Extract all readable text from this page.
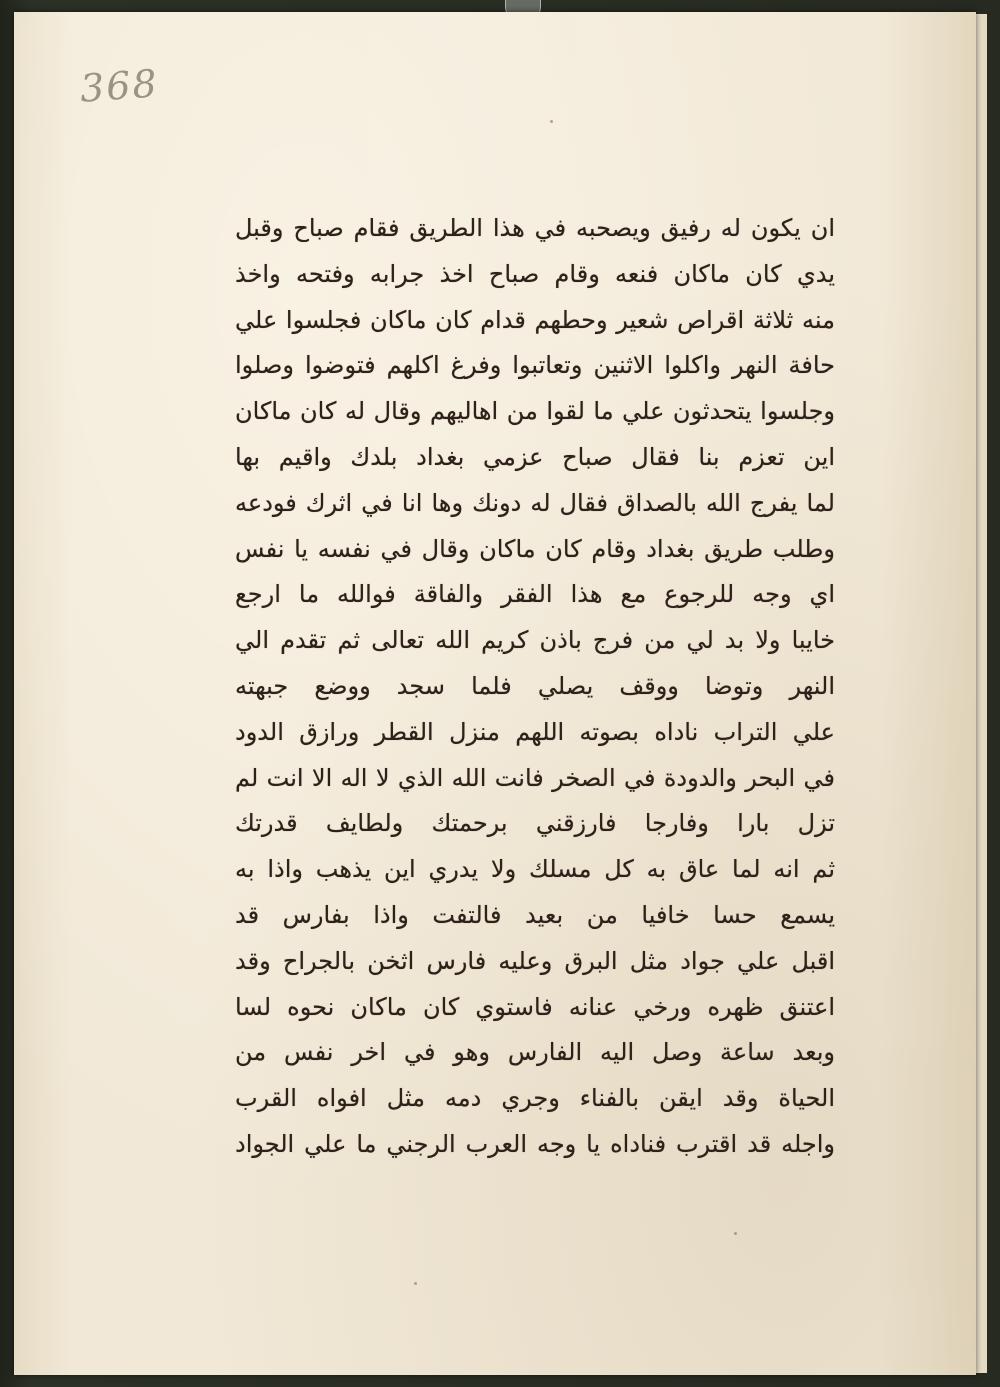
368
ان يكون له رفيق ويصحبه في هذا الطريق فقام صباح وقبل
يدي كان ماكان فنعه وقام صباح اخذ جرابه وفتحه واخذ
منه ثلاثة اقراص شعير وحطهم قدام كان ماكان فجلسوا علي
حافة النهر واكلوا الاثنين وتعاتبوا وفرغ اكلهم فتوضوا وصلوا
وجلسوا يتحدثون علي ما لقوا من اهاليهم وقال له كان ماكان
اين تعزم بنا فقال صباح عزمي بغداد بلدك واقيم بها
لما يفرج الله بالصداق فقال له دونك وها انا في اثرك فودعه
وطلب طريق بغداد وقام كان ماكان وقال في نفسه يا نفس
اي وجه للرجوع مع هذا الفقر والفاقة فوالله ما ارجع
خايبا ولا بد لي من فرج باذن كريم الله تعالى ثم تقدم الي
النهر وتوضا ووقف يصلي فلما سجد ووضع جبهته
علي التراب ناداه بصوته اللهم منزل القطر ورازق الدود
في البحر والدودة في الصخر فانت الله الذي لا اله الا انت لم
تزل بارا وفارجا فارزقني برحمتك ولطايف قدرتك
ثم انه لما عاق به كل مسلك ولا يدري اين يذهب واذا به
يسمع حسا خافيا من بعيد فالتفت واذا بفارس قد
اقبل علي جواد مثل البرق وعليه فارس اثخن بالجراح وقد
اعتنق ظهره ورخي عنانه فاستوي كان ماكان نحوه لسا
وبعد ساعة وصل اليه الفارس وهو في اخر نفس من
الحياة وقد ايقن بالفناء وجري دمه مثل افواه القرب
واجله قد اقترب فناداه يا وجه العرب الرجني ما علي الجواد
